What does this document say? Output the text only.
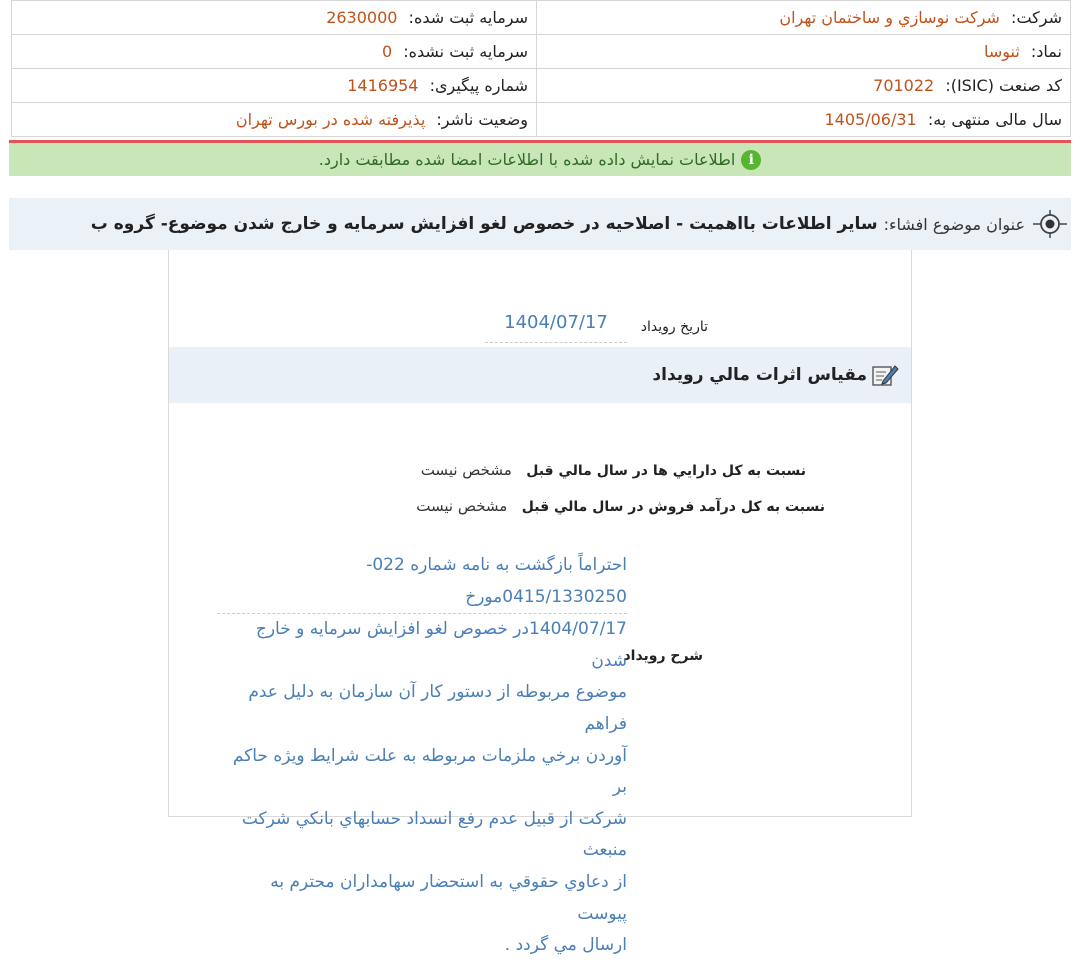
شرکت: شرکت نوسازي و ساختمان تهران	سرمايه ثبت شده: 2630000
نماد: ثنوسا	سرمايه ثبت نشده: 0
کد صنعت (ISIC): 701022	شماره پيگيری: 1416954
سال مالی منتهی به: 1405/06/31	وضعيت ناشر: پذيرفته شده در بورس تهران
i
اطلاعات نمایش داده شده با اطلاعات امضا شده مطابقت دارد.
عنوان موضوع افشاء:
ساير اطلاعات بااهميت - اصلاحيه در خصوص لغو افزايش سرمايه و خارج شدن موضوع- گروه ب
تاريخ رويداد
1404/07/17
مقياس اثرات مالي رويداد
نسبت به کل دارايي ها در سال مالي قبل مشخص نيست
نسبت به کل درآمد فروش در سال مالي قبل مشخص نيست
شرح رويداد
احتراماً بازگشت به نامه شماره 022-0415/1330250مورخ
1404/07/17در خصوص لغو افزايش سرمايه و خارج شدن
موضوع مربوطه از دستور کار آن سازمان به دليل عدم فراهم
آوردن برخي ملزمات مربوطه به علت شرايط ويژه حاکم بر
شرکت از قبيل عدم رفع انسداد حسابهاي بانکي شرکت منبعث
از دعاوي حقوقي به استحضار سهامداران محترم به پيوست
ارسال مي گردد .
